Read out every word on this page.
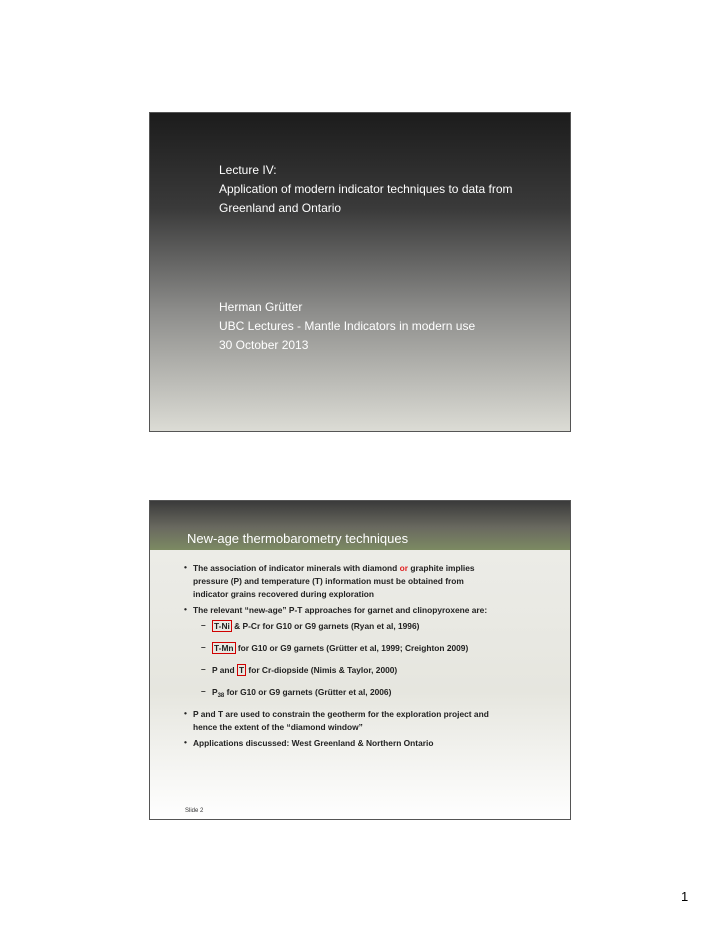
Lecture IV:
Application of modern indicator techniques to data from
Greenland and Ontario
Herman Grütter
UBC Lectures - Mantle Indicators in modern use
30 October 2013
New-age thermobarometry techniques
• The association of indicator minerals with diamond or graphite implies
pressure (P) and temperature (T) information must be obtained from
indicator grains recovered during exploration
• The relevant “new-age” P-T approaches for garnet and clinopyroxene are:
– T-Ni & P-Cr for G10 or G9 garnets (Ryan et al, 1996)
– T-Mn for G10 or G9 garnets (Grütter et al, 1999; Creighton 2009)
– P and T for Cr-diopside (Nimis & Taylor, 2000)
– $P_{38}$ for G10 or G9 garnets (Grütter et al, 2006)
• P and T are used to constrain the geotherm for the exploration project and
hence the extent of the “diamond window”
• Applications discussed: West Greenland & Northern Ontario
Slide 2
1
